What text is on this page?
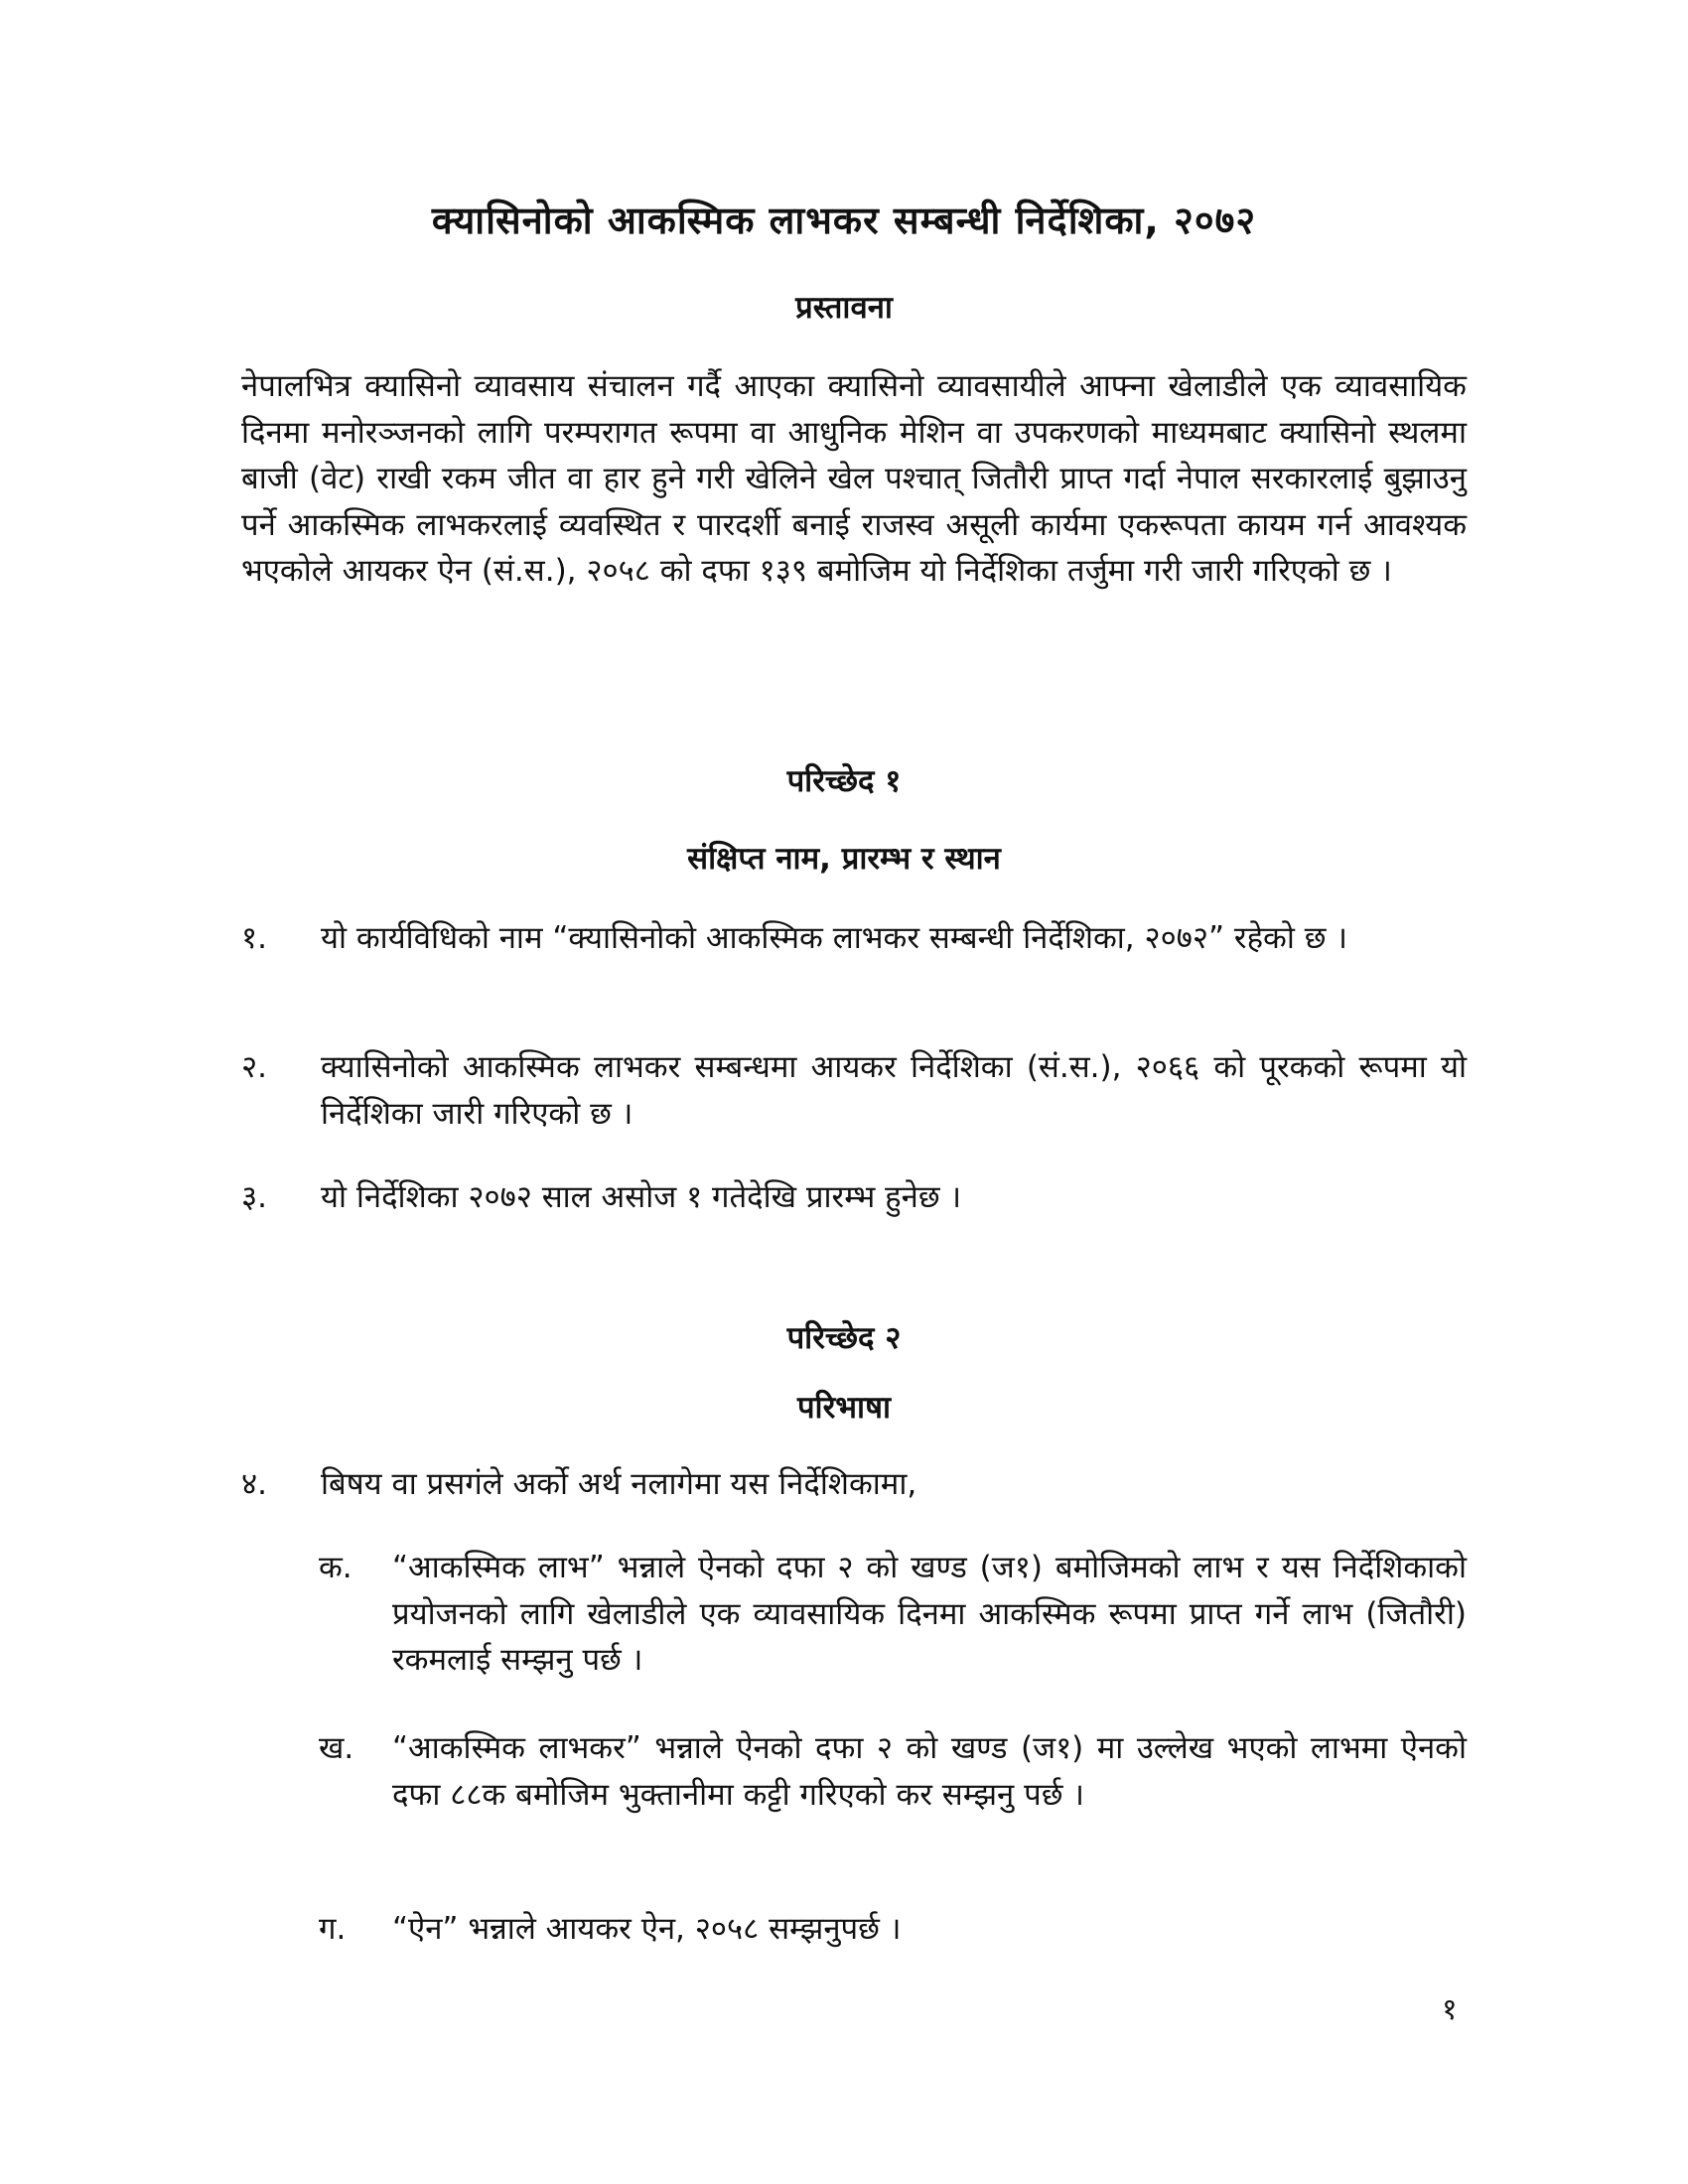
क्यासिनोको आकस्मिक लाभकर सम्बन्धी निर्देशिका, २०७२
प्रस्तावना
नेपालभित्र क्यासिनो व्यावसाय संचालन गर्दै आएका क्यासिनो व्यावसायीले आफ्ना खेलाडीले एक व्यावसायिक दिनमा मनोरञ्जनको लागि परम्परागत रूपमा वा आधुनिक मेशिन वा उपकरणको माध्यमबाट क्यासिनो स्थलमा बाजी (वेट) राखी रकम जीत वा हार हुने गरी खेलिने खेल पश्चात् जितौरी प्राप्त गर्दा नेपाल सरकारलाई बुझाउनु पर्ने आकस्मिक लाभकरलाई व्यवस्थित र पारदर्शी बनाई राजस्व असूली कार्यमा एकरूपता कायम गर्न आवश्यक भएकोले आयकर ऐन (सं.स.), २०५८ को दफा १३९ बमोजिम यो निर्देशिका तर्जुमा गरी जारी गरिएको छ ।
परिच्छेद १
संक्षिप्त नाम, प्रारम्भ र स्थान
१.	यो कार्यविधिको नाम “क्यासिनोको आकस्मिक लाभकर सम्बन्धी निर्देशिका, २०७२” रहेको छ ।
२.	क्यासिनोको आकस्मिक लाभकर सम्बन्धमा आयकर निर्देशिका (सं.स.), २०६६ को पूरकको रूपमा यो निर्देशिका जारी गरिएको छ ।
३.	यो निर्देशिका २०७२ साल असोज १ गतेदेखि प्रारम्भ हुनेछ ।
परिच्छेद २
परिभाषा
४.	बिषय वा प्रसगंले अर्को अर्थ नलागेमा यस निर्देशिकामा,
क.	“आकस्मिक लाभ” भन्नाले ऐनको दफा २ को खण्ड (ज१) बमोजिमको लाभ र यस निर्देशिकाको प्रयोजनको लागि खेलाडीले एक व्यावसायिक दिनमा आकस्मिक रूपमा प्राप्त गर्ने लाभ (जितौरी) रकमलाई सम्झनु पर्छ ।
ख.	“आकस्मिक लाभकर” भन्नाले ऐनको दफा २ को खण्ड (ज१) मा उल्लेख भएको लाभमा ऐनको दफा ८८क बमोजिम भुक्तानीमा कट्टी गरिएको कर सम्झनु पर्छ ।
ग.	“ऐन” भन्नाले आयकर ऐन, २०५८ सम्झनुपर्छ ।
१
